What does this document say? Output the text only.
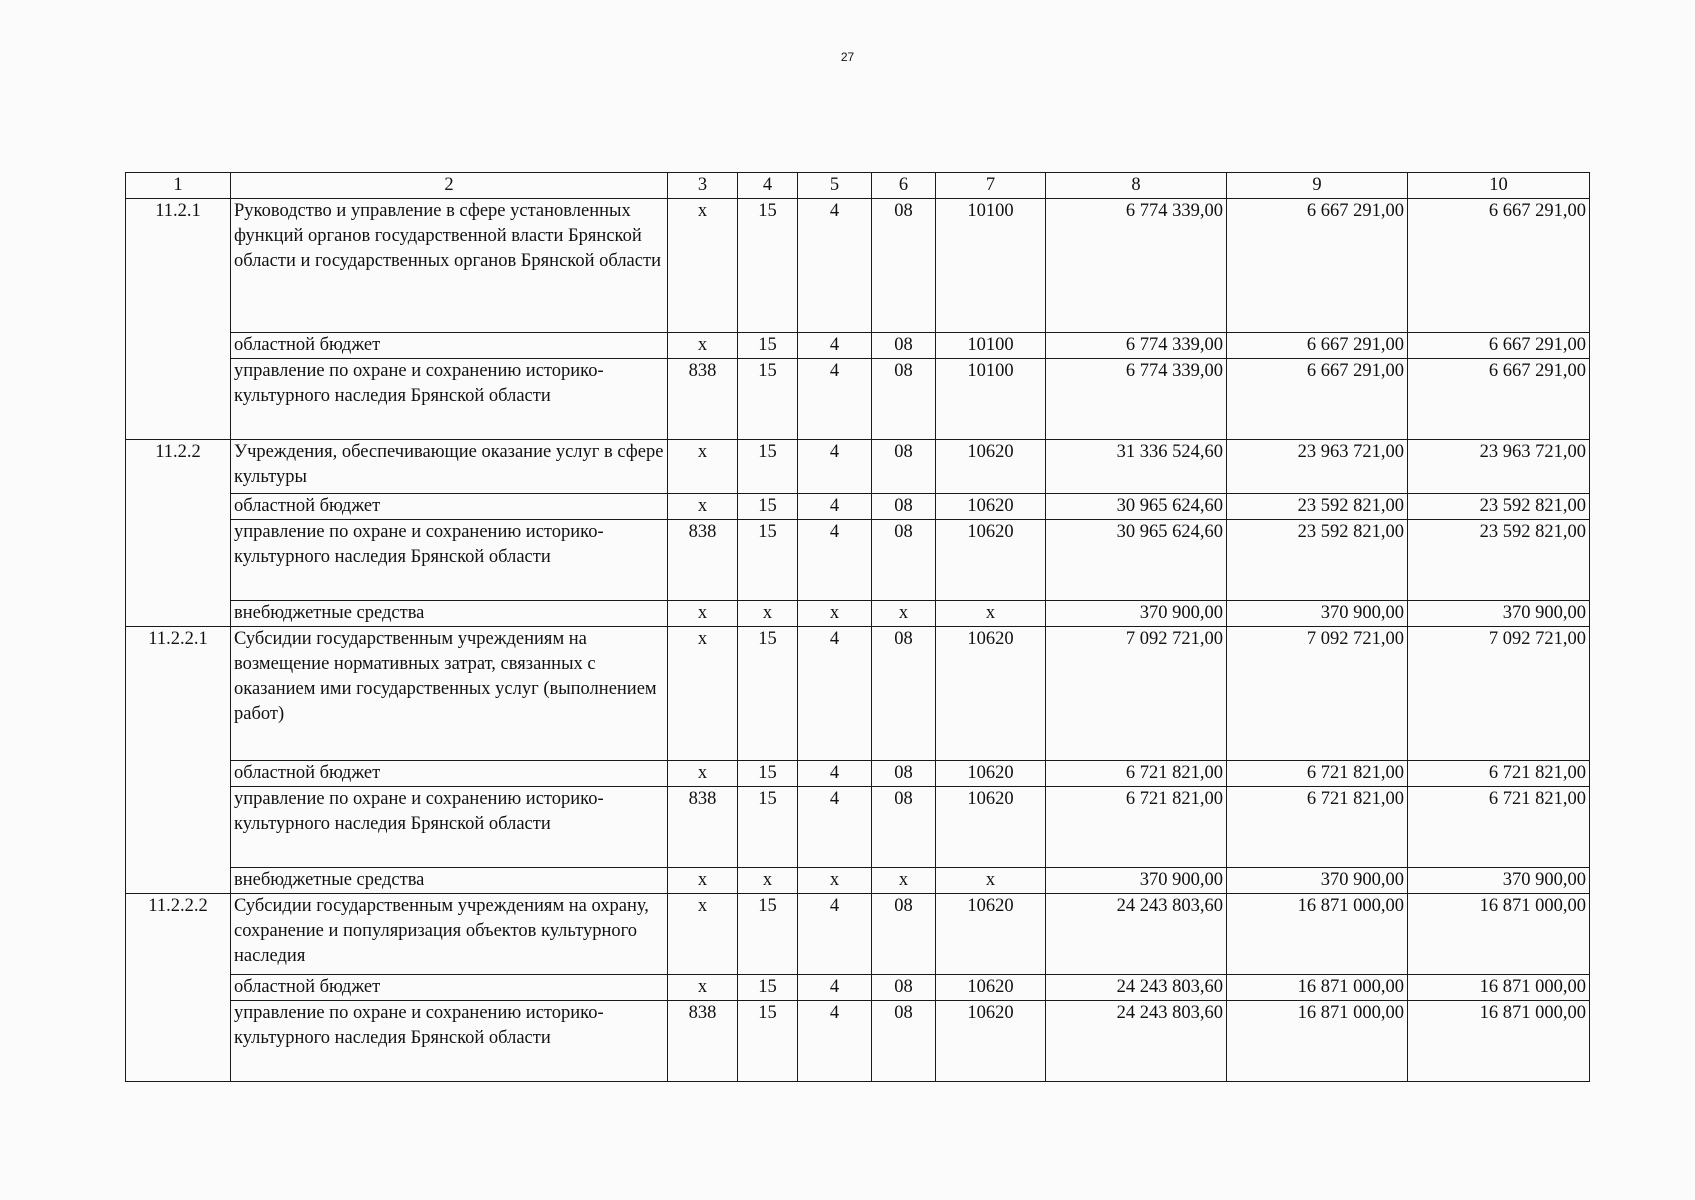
27
1	2	3	4	5	6	7	8	9	10
11.2.1	Руководство и управление в сфере установленных функций органов государственной власти Брянской области и государственных органов Брянской области	х	15	4	08	10100	6 774 339,00	6 667 291,00	6 667 291,00
	областной бюджет	х	15	4	08	10100	6 774 339,00	6 667 291,00	6 667 291,00
	управление по охране и сохранению историко-культурного наследия Брянской области	838	15	4	08	10100	6 774 339,00	6 667 291,00	6 667 291,00
11.2.2	Учреждения, обеспечивающие оказание услуг в сфере культуры	х	15	4	08	10620	31 336 524,60	23 963 721,00	23 963 721,00
	областной бюджет	х	15	4	08	10620	30 965 624,60	23 592 821,00	23 592 821,00
	управление по охране и сохранению историко-культурного наследия Брянской области	838	15	4	08	10620	30 965 624,60	23 592 821,00	23 592 821,00
	внебюджетные средства	х	х	х	х	х	370 900,00	370 900,00	370 900,00
11.2.2.1	Субсидии государственным учреждениям на возмещение нормативных затрат, связанных с оказанием ими государственных услуг (выполнением работ)	х	15	4	08	10620	7 092 721,00	7 092 721,00	7 092 721,00
	областной бюджет	х	15	4	08	10620	6 721 821,00	6 721 821,00	6 721 821,00
	управление по охране и сохранению историко-культурного наследия Брянской области	838	15	4	08	10620	6 721 821,00	6 721 821,00	6 721 821,00
	внебюджетные средства	х	х	х	х	х	370 900,00	370 900,00	370 900,00
11.2.2.2	Субсидии государственным учреждениям на охрану, сохранение и популяризация объектов культурного наследия	х	15	4	08	10620	24 243 803,60	16 871 000,00	16 871 000,00
	областной бюджет	х	15	4	08	10620	24 243 803,60	16 871 000,00	16 871 000,00
	управление по охране и сохранению историко-культурного наследия Брянской области	838	15	4	08	10620	24 243 803,60	16 871 000,00	16 871 000,00
